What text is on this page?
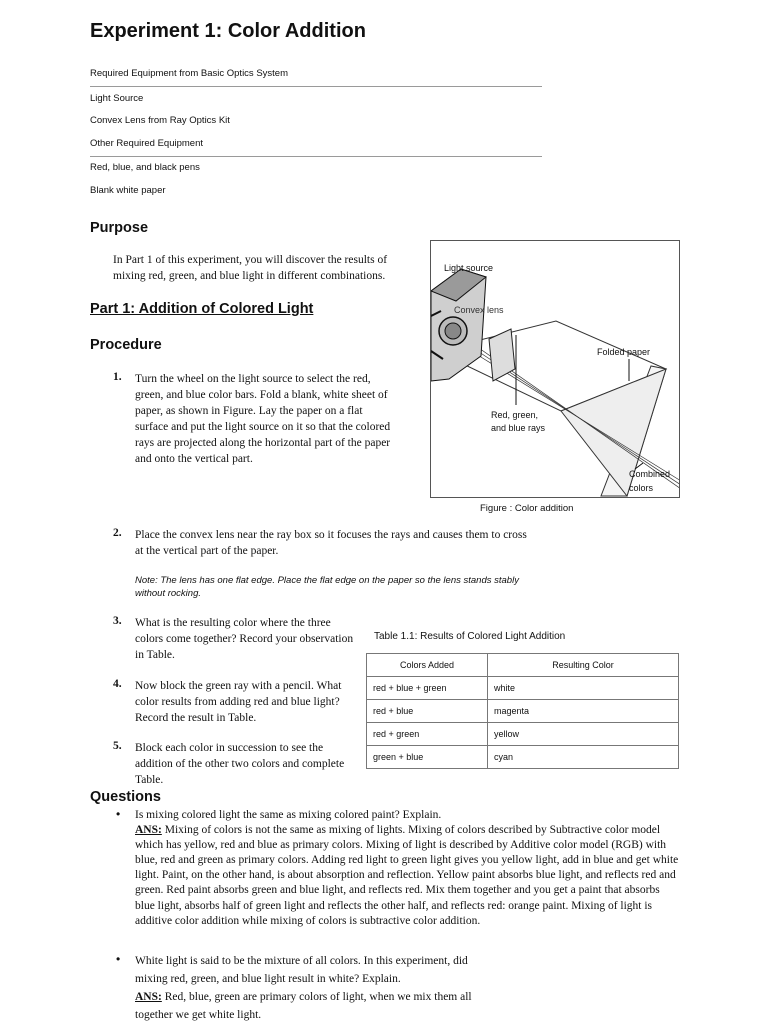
Experiment 1: Color Addition
Required Equipment from Basic Optics System
Light Source
Convex Lens from Ray Optics Kit
Other Required Equipment
Red, blue, and black pens
Blank white paper
Purpose
In Part 1 of this experiment, you will discover the results of mixing red, green, and blue light in different combinations.
Part 1: Addition of Colored Light
Procedure
1. Turn the wheel on the light source to select the red, green, and blue color bars. Fold a blank, white sheet of paper, as shown in Figure. Lay the paper on a flat surface and put the light source on it so that the colored rays are projected along the horizontal part of the paper and onto the vertical part.
2. Place the convex lens near the ray box so it focuses the rays and causes them to cross at the vertical part of the paper.
Note: The lens has one flat edge. Place the flat edge on the paper so the lens stands stably without rocking.
3. What is the resulting color where the three colors come together? Record your observation in Table.
4. Now block the green ray with a pencil. What color results from adding red and blue light? Record the result in Table.
5. Block each color in succession to see the addition of the other two colors and complete Table.
Light source
Convex lens
Folded paper
Red, green,
and blue rays
Combined
colors
Figure : Color addition
Table 1.1: Results of Colored Light Addition
Colors Added	Resulting Color
red + blue + green	white
red + blue	magenta
red + green	yellow
green + blue	cyan
Questions
• Is mixing colored light the same as mixing colored paint? Explain.
ANS: Mixing of colors is not the same as mixing of lights. Mixing of colors described by Subtractive color model which has yellow, red and blue as primary colors. Mixing of light is described by Additive color model (RGB) with blue, red and green as primary colors. Adding red light to green light gives you yellow light, add in blue and get white light. Paint, on the other hand, is about absorption and reflection. Yellow paint absorbs blue light, and reflects red and green. Red paint absorbs green and blue light, and reflects red. Mix them together and you get a paint that absorbs blue light, absorbs half of green light and reflects the other half, and reflects red: orange paint. Mixing of light is additive color addition while mixing of colors is subtractive color addition.
• White light is said to be the mixture of all colors. In this experiment, did
mixing red, green, and blue light result in white? Explain.
ANS: Red, blue, green are primary colors of light, when we mix them all
together we get white light.
